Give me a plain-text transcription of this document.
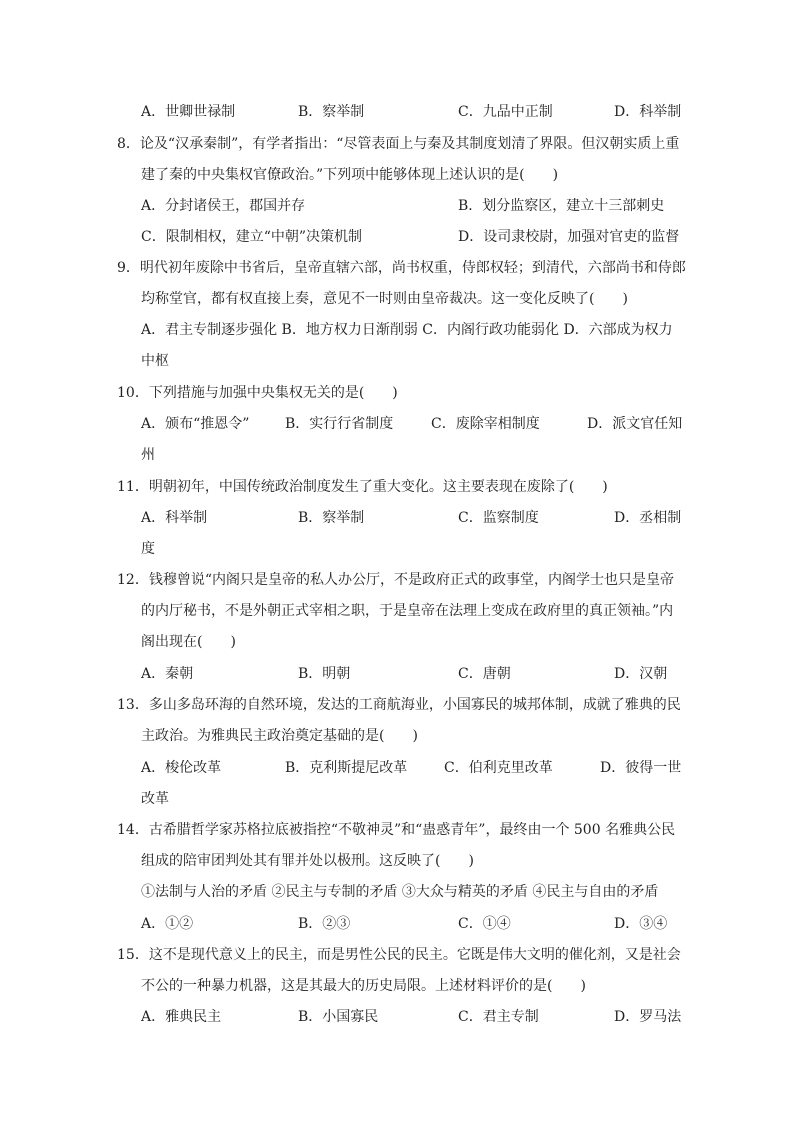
A．世卿世禄制	B．察举制	C．九品中正制	D．科举制
8．论及“汉承秦制”，有学者指出：“尽管表面上与秦及其制度划清了界限。但汉朝实质上重
建了秦的中央集权官僚政治。”下列项中能够体现上述认识的是(　　)
A．分封诸侯王，郡国并存	B．划分监察区，建立十三部刺史
C．限制相权，建立“中朝”决策机制	D．设司隶校尉，加强对官吏的监督
9．明代初年废除中书省后，皇帝直辖六部，尚书权重，侍郎权轻；到清代，六部尚书和侍郎
均称堂官，都有权直接上奏，意见不一时则由皇帝裁决。这一变化反映了(　　)
A．君主专制逐步强化 B．地方权力日渐削弱 C．内阁行政功能弱化 D．六部成为权力
中枢
10．下列措施与加强中央集权无关的是(　　)
A．颁布“推恩令”	B．实行行省制度	C．废除宰相制度	D．派文官任知
州
11．明朝初年，中国传统政治制度发生了重大变化。这主要表现在废除了(　　)
A．科举制	B．察举制	C．监察制度	D．丞相制
度
12．钱穆曾说“内阁只是皇帝的私人办公厅，不是政府正式的政事堂，内阁学士也只是皇帝
的内厅秘书，不是外朝正式宰相之职，于是皇帝在法理上变成在政府里的真正领袖。”内
阁出现在(　　)
A．秦朝	B．明朝	C．唐朝	D．汉朝
13．多山多岛环海的自然环境，发达的工商航海业，小国寡民的城邦体制，成就了雅典的民
主政治。为雅典民主政治奠定基础的是(　　)
A．梭伦改革	B．克利斯提尼改革	C．伯利克里改革	D．彼得一世
改革
14．古希腊哲学家苏格拉底被指控“不敬神灵”和“蛊惑青年”，最终由一个 500 名雅典公民
组成的陪审团判处其有罪并处以极刑。这反映了(　　)
①法制与人治的矛盾 ②民主与专制的矛盾 ③大众与精英的矛盾 ④民主与自由的矛盾
A．①②	B．②③	C．①④	D．③④
15．这不是现代意义上的民主，而是男性公民的民主。它既是伟大文明的催化剂，又是社会
不公的一种暴力机器，这是其最大的历史局限。上述材料评价的是(　　)
A．雅典民主	B．小国寡民	C．君主专制	D．罗马法
